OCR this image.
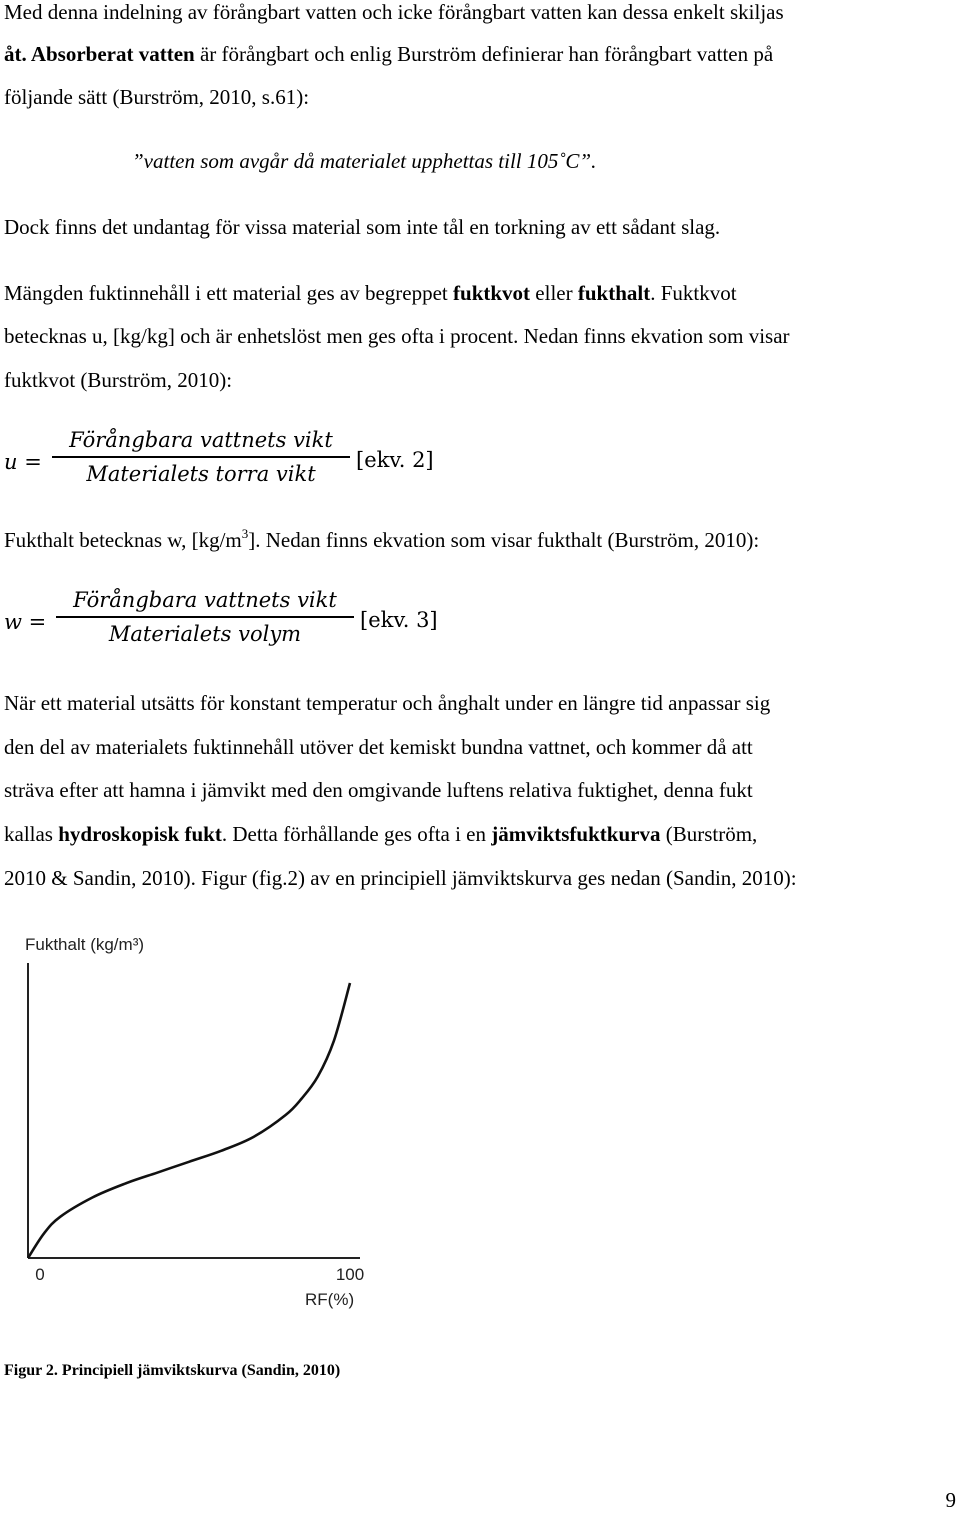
Med denna indelning av förångbart vatten och icke förångbart vatten kan dessa enkelt skiljas
åt. Absorberat vatten är förångbart och enlig Burström definierar han förångbart vatten på
följande sätt (Burström, 2010, s.61):
”vatten som avgår då materialet upphettas till 105˚C”.
Dock finns det undantag för vissa material som inte tål en torkning av ett sådant slag.
Mängden fuktinnehåll i ett material ges av begreppet fuktkvot eller fukthalt. Fuktkvot
betecknas u, [kg/kg] och är enhetslöst men ges ofta i procent. Nedan finns ekvation som visar
fuktkvot (Burström, 2010):
u =
Förångbara vattnets vikt
Materialets torra vikt
[ekv. 2]
Fukthalt betecknas w, $[kg/m^3]$. Nedan finns ekvation som visar fukthalt (Burström, 2010):
w =
Förångbara vattnets vikt
Materialets volym
[ekv. 3]
När ett material utsätts för konstant temperatur och ånghalt under en längre tid anpassar sig
den del av materialets fuktinnehåll utöver det kemiskt bundna vattnet, och kommer då att
sträva efter att hamna i jämvikt med den omgivande luftens relativa fuktighet, denna fukt
kallas hydroskopisk fukt. Detta förhållande ges ofta i en jämviktsfuktkurva (Burström,
2010 & Sandin, 2010). Figur (fig.2) av en principiell jämviktskurva ges nedan (Sandin, 2010):
Fukthalt (kg/m³)
0	100
RF(%)
Figur 2. Principiell jämviktskurva (Sandin, 2010)
9
